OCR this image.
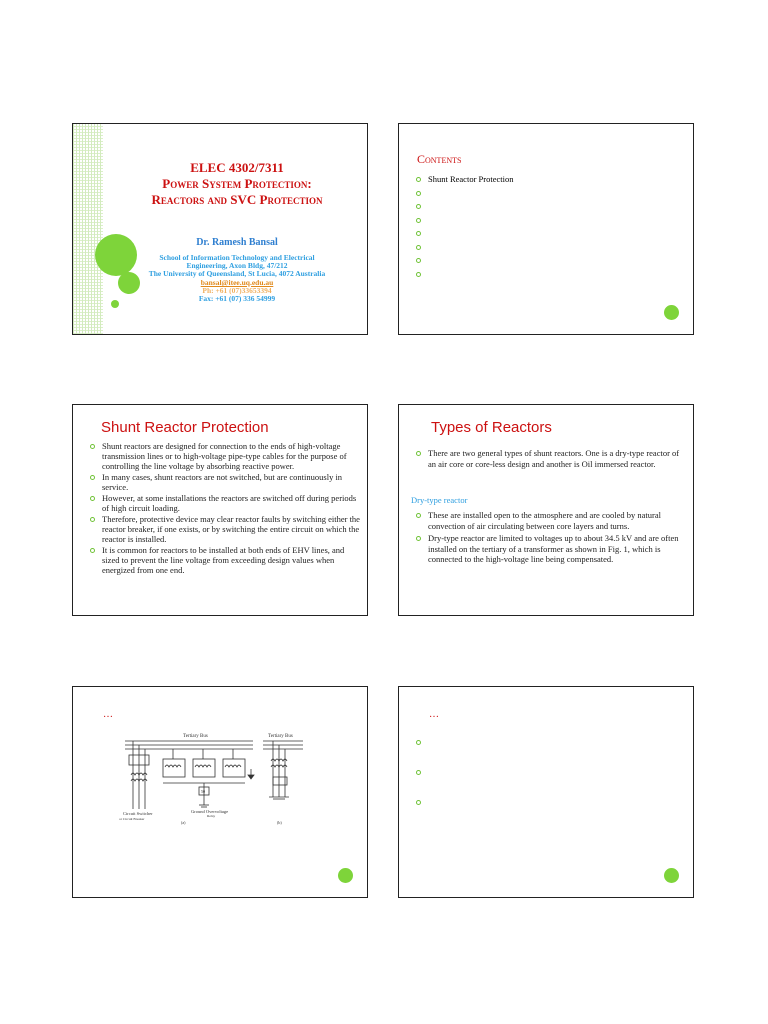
ELEC 4302/7311
Power System Protection:
Reactors and SVC Protection
Dr. Ramesh Bansal
School of Information Technology and Electrical
Engineering, Axon Bldg, 47/212
The University of Queensland, St Lucia, 4072 Australia
bansal@itee.uq.edu.au
Ph: +61 (07)33653394
Fax: +61 (07) 336 54999
Contents
Shunt Reactor Protection
Shunt Reactor Protection
Shunt reactors are designed for connection to the ends of high-voltage transmission lines or to high-voltage pipe-type cables for the purpose of controlling the line voltage by absorbing reactive power.
In many cases, shunt reactors are not switched, but are continuously in service.
However, at some installations the reactors are switched off during periods of high circuit loading.
Therefore, protective device may clear reactor faults by switching either the reactor breaker, if one exists, or by switching the entire circuit on which the reactor is installed.
It is common for reactors to be installed at both ends of EHV lines, and sized to prevent the line voltage from exceeding design values when energized from one end.
Types of Reactors
There are two general types of shunt reactors. One is a dry-type reactor of an air core or core-less design and another is Oil immersed reactor.
Dry-type reactor
These are installed open to the atmosphere and are cooled by natural convection of air circulating between core layers and turns.
Dry-type reactor are limited to voltages up to about 34.5 kV and are often installed on the tertiary of a transformer as shown in Fig. 1, which is connected to the high-voltage line being compensated.
…
Tertiary Bus	Tertiary Bus
50
Ground Overvoltage
Relay
Circuit Switcher
or Circuit Breaker
(a)	(b)
…
